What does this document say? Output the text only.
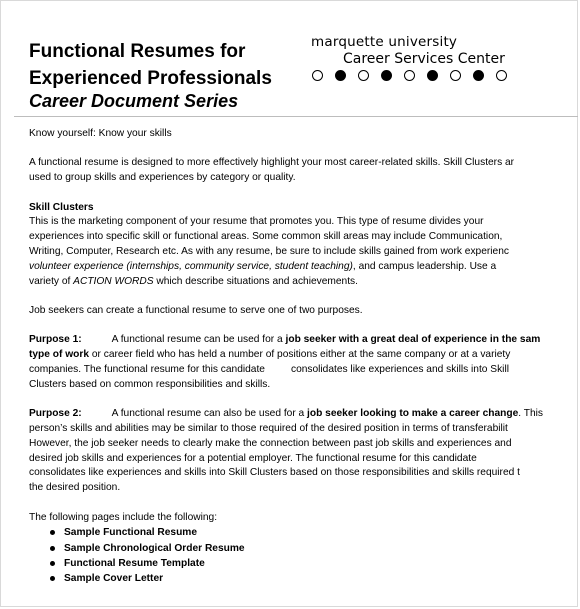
Functional Resumes for
Experienced Professionals
Career Document Series
marquette university
Career Services Center

Know yourself: Know your skills

A functional resume is designed to more effectively highlight your most career-related skills. Skill Clusters ar

used to group skills and experiences by category or quality.

Skill Clusters

This is the marketing component of your resume that promotes you. This type of resume divides your

experiences into specific skill or functional areas. Some common skill areas may include Communication,

Writing, Computer, Research etc. As with any resume, be sure to include skills gained from work experienc

volunteer experience (internships, community service, student teaching), and campus leadership. Use a

variety of ACTION WORDS which describe situations and achievements.

Job seekers can create a functional resume to serve one of two purposes.

Purpose 1:	A functional resume can be used for a job seeker with a great deal of experience in the sam

type of work or career field who has held a number of positions either at the same company or at a variety

companies. The functional resume for this candidate	consolidates like experiences and skills into Skill

Clusters based on common responsibilities and skills.

Purpose 2:	A functional resume can also be used for a job seeker looking to make a career change. This

person’s skills and abilities may be similar to those required of the desired position in terms of transferabilit

However, the job seeker needs to clearly make the connection between past job skills and experiences and

desired job skills and experiences for a potential employer. The functional resume for this candidate

consolidates like experiences and skills into Skill Clusters based on those responsibilities and skills required t

the desired position.

The following pages include the following:

Sample Functional Resume
Sample Chronological Order Resume
Functional Resume Template
Sample Cover Letter
